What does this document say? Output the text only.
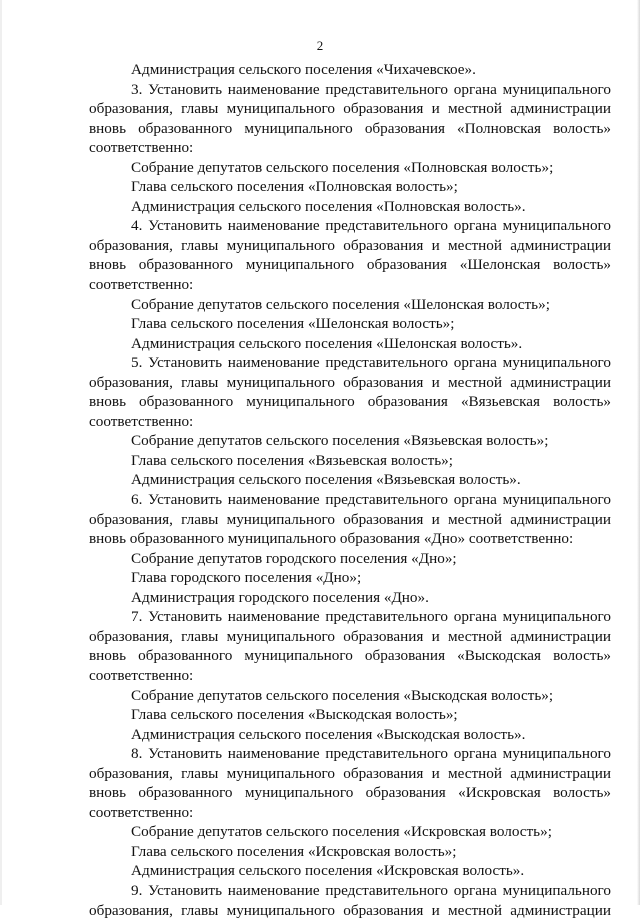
2
Администрация сельского поселения «Чихачевское».
3. Установить наименование представительного органа муниципального
образования, главы муниципального образования и местной администрации
вновь образованного муниципального образования «Полновская волость»
соответственно:
Собрание депутатов сельского поселения «Полновская волость»;
Глава сельского поселения «Полновская волость»;
Администрация сельского поселения «Полновская волость».
4. Установить наименование представительного органа муниципального
образования, главы муниципального образования и местной администрации
вновь образованного муниципального образования «Шелонская волость»
соответственно:
Собрание депутатов сельского поселения «Шелонская волость»;
Глава сельского поселения «Шелонская волость»;
Администрация сельского поселения «Шелонская волость».
5. Установить наименование представительного органа муниципального
образования, главы муниципального образования и местной администрации
вновь образованного муниципального образования «Вязьевская волость»
соответственно:
Собрание депутатов сельского поселения «Вязьевская волость»;
Глава сельского поселения «Вязьевская волость»;
Администрация сельского поселения «Вязьевская волость».
6. Установить наименование представительного органа муниципального
образования, главы муниципального образования и местной администрации
вновь образованного муниципального образования «Дно» соответственно:
Собрание депутатов городского поселения «Дно»;
Глава городского поселения «Дно»;
Администрация городского поселения «Дно».
7. Установить наименование представительного органа муниципального
образования, главы муниципального образования и местной администрации
вновь образованного муниципального образования «Выскодская волость»
соответственно:
Собрание депутатов сельского поселения «Выскодская волость»;
Глава сельского поселения «Выскодская волость»;
Администрация сельского поселения «Выскодская волость».
8. Установить наименование представительного органа муниципального
образования, главы муниципального образования и местной администрации
вновь образованного муниципального образования «Искровская волость»
соответственно:
Собрание депутатов сельского поселения «Искровская волость»;
Глава сельского поселения «Искровская волость»;
Администрация сельского поселения «Искровская волость».
9. Установить наименование представительного органа муниципального
образования, главы муниципального образования и местной администрации
